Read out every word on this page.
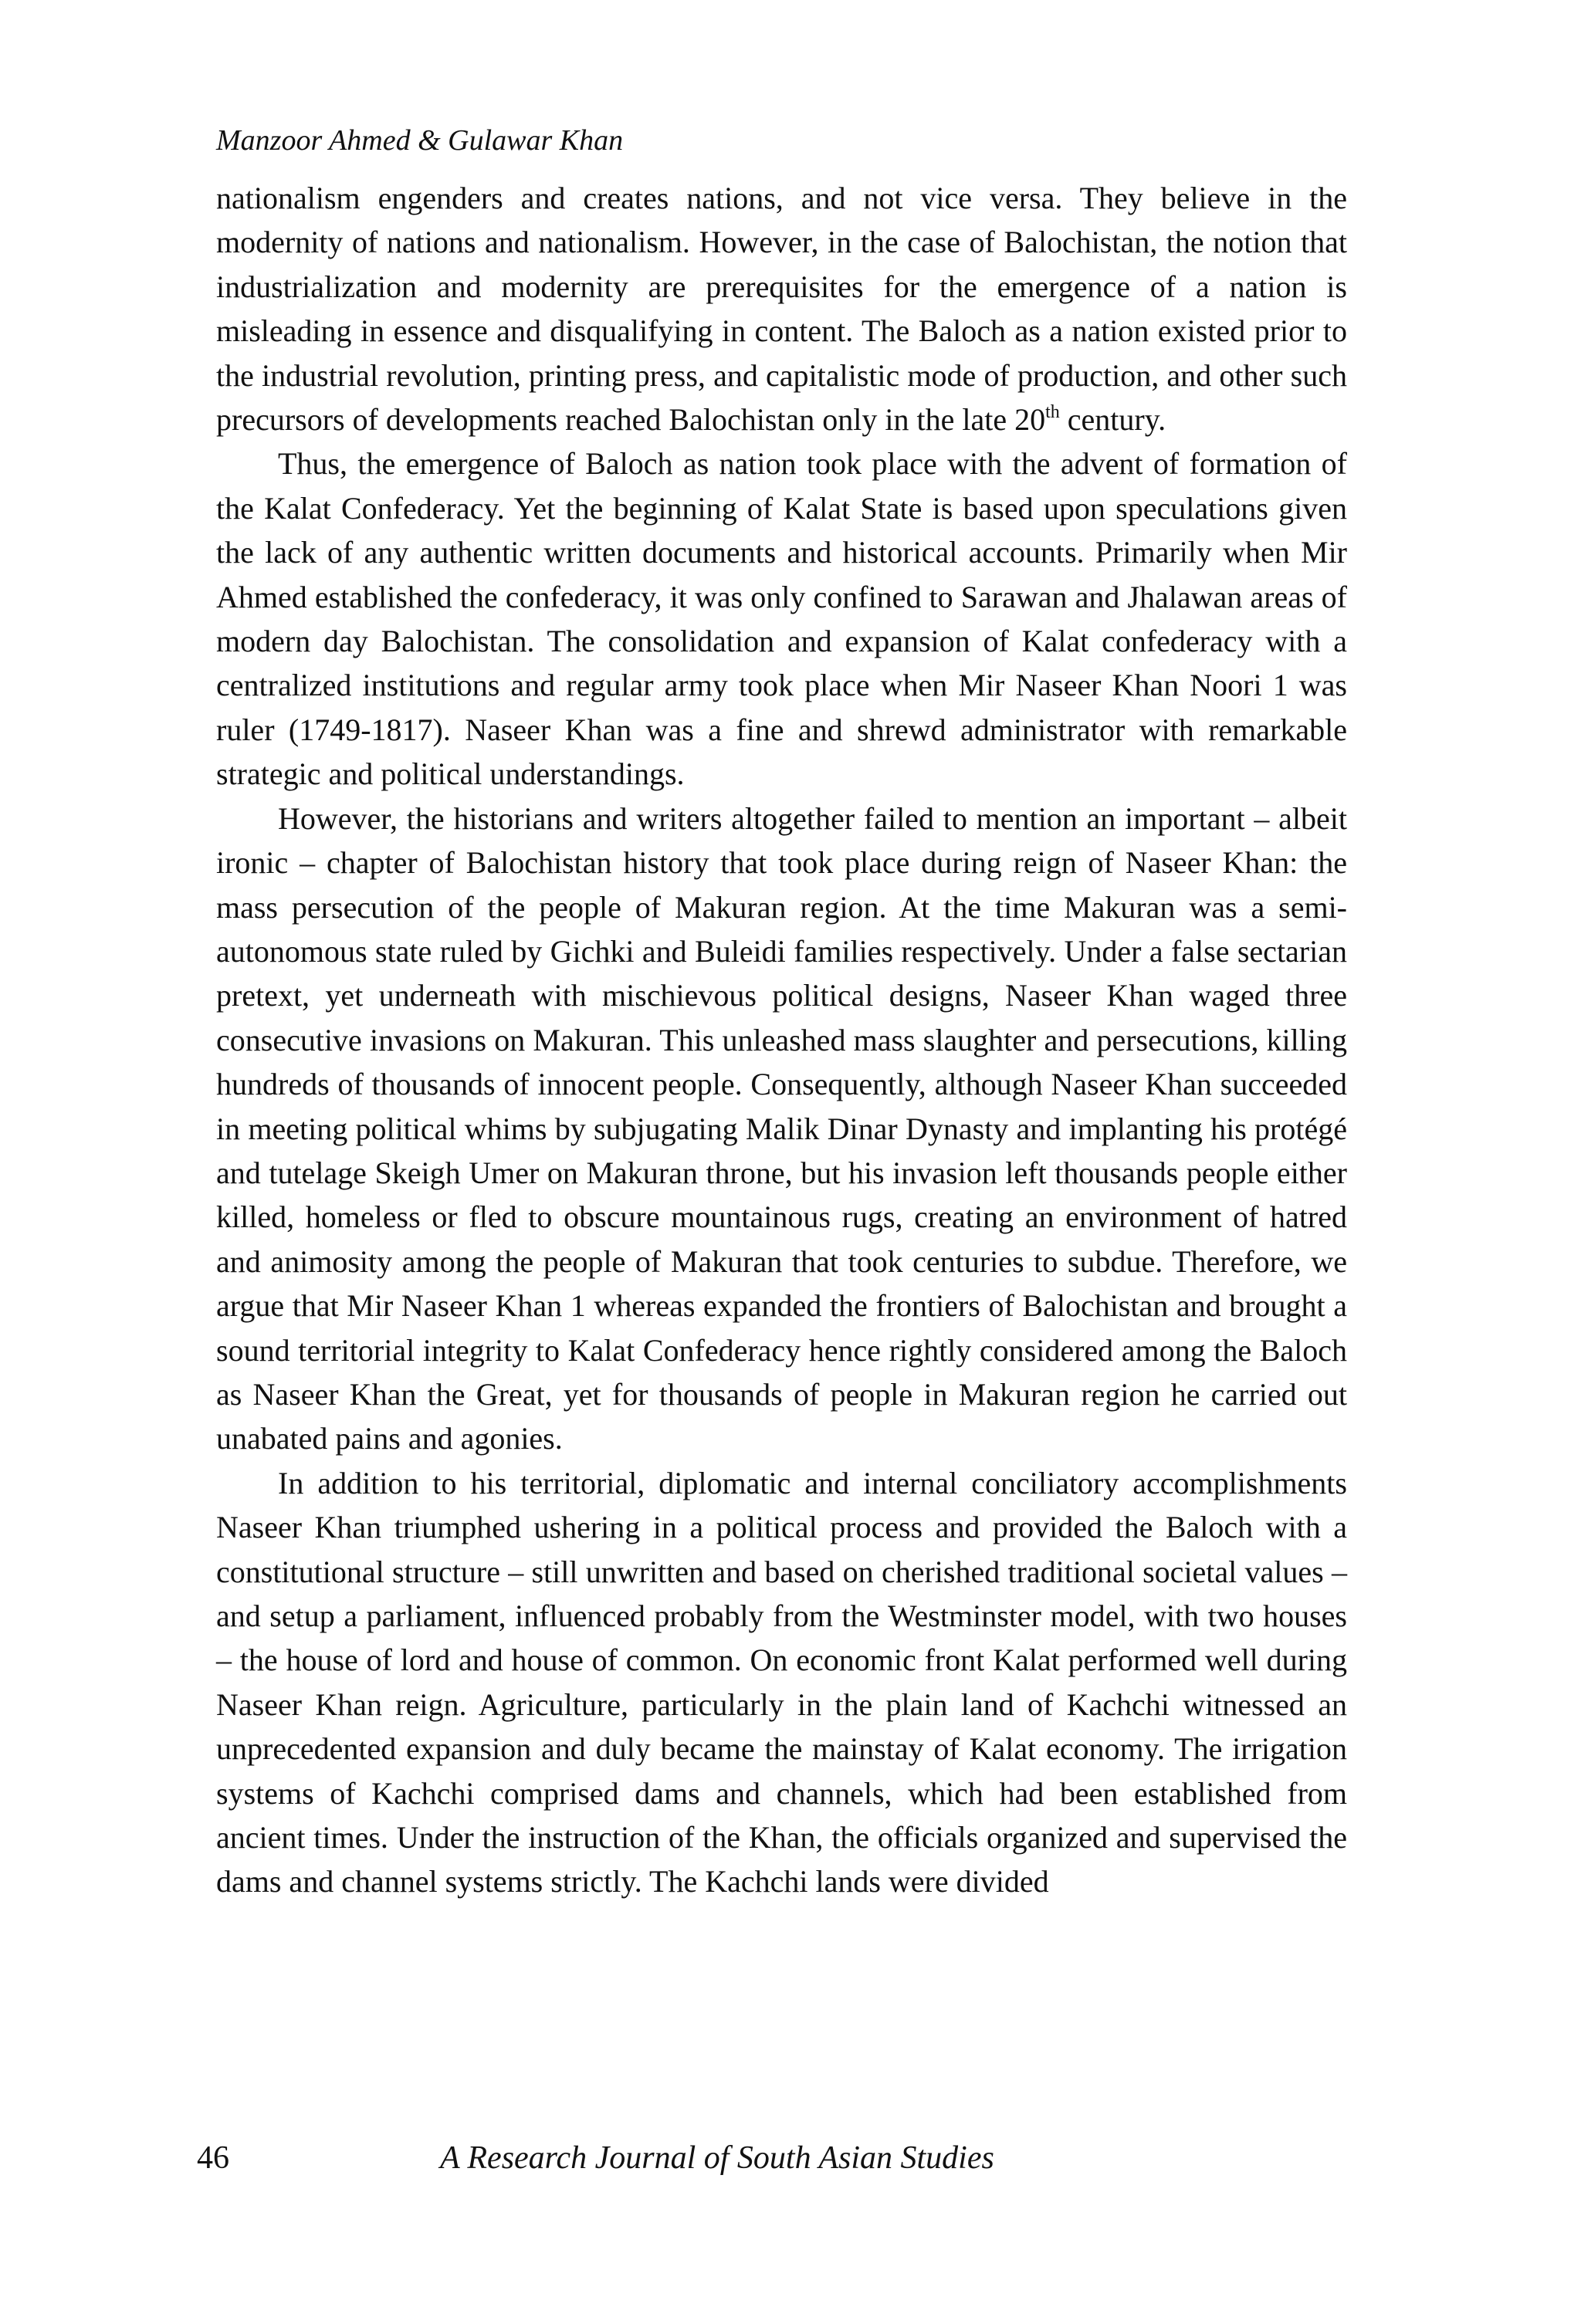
Manzoor Ahmed & Gulawar Khan

nationalism engenders and creates nations, and not vice versa. They believe in the modernity of nations and nationalism. However, in the case of Balochistan, the notion that industrialization and modernity are prerequisites for the emergence of a nation is misleading in essence and disqualifying in content. The Baloch as a nation existed prior to the industrial revolution, printing press, and capitalistic mode of production, and other such precursors of developments reached Balochistan only in the late 20th century.

Thus, the emergence of Baloch as nation took place with the advent of formation of the Kalat Confederacy. Yet the beginning of Kalat State is based upon speculations given the lack of any authentic written documents and historical accounts. Primarily when Mir Ahmed established the confederacy, it was only confined to Sarawan and Jhalawan areas of modern day Balochistan. The consolidation and expansion of Kalat confederacy with a centralized institutions and regular army took place when Mir Naseer Khan Noori 1 was ruler (1749-1817). Naseer Khan was a fine and shrewd administrator with remarkable strategic and political understandings.

However, the historians and writers altogether failed to mention an important – albeit ironic – chapter of Balochistan history that took place during reign of Naseer Khan: the mass persecution of the people of Makuran region. At the time Makuran was a semi-autonomous state ruled by Gichki and Buleidi families respectively. Under a false sectarian pretext, yet underneath with mischievous political designs, Naseer Khan waged three consecutive invasions on Makuran. This unleashed mass slaughter and persecutions, killing hundreds of thousands of innocent people. Consequently, although Naseer Khan succeeded in meeting political whims by subjugating Malik Dinar Dynasty and implanting his protégé and tutelage Skeigh Umer on Makuran throne, but his invasion left thousands people either killed, homeless or fled to obscure mountainous rugs, creating an environment of hatred and animosity among the people of Makuran that took centuries to subdue. Therefore, we argue that Mir Naseer Khan 1 whereas expanded the frontiers of Balochistan and brought a sound territorial integrity to Kalat Confederacy hence rightly considered among the Baloch as Naseer Khan the Great, yet for thousands of people in Makuran region he carried out unabated pains and agonies.

In addition to his territorial, diplomatic and internal conciliatory accomplishments Naseer Khan triumphed ushering in a political process and provided the Baloch with a constitutional structure – still unwritten and based on cherished traditional societal values – and setup a parliament, influenced probably from the Westminster model, with two houses – the house of lord and house of common. On economic front Kalat performed well during Naseer Khan reign. Agriculture, particularly in the plain land of Kachchi witnessed an unprecedented expansion and duly became the mainstay of Kalat economy. The irrigation systems of Kachchi comprised dams and channels, which had been established from ancient times. Under the instruction of the Khan, the officials organized and supervised the dams and channel systems strictly. The Kachchi lands were divided

46	A Research Journal of South Asian Studies
